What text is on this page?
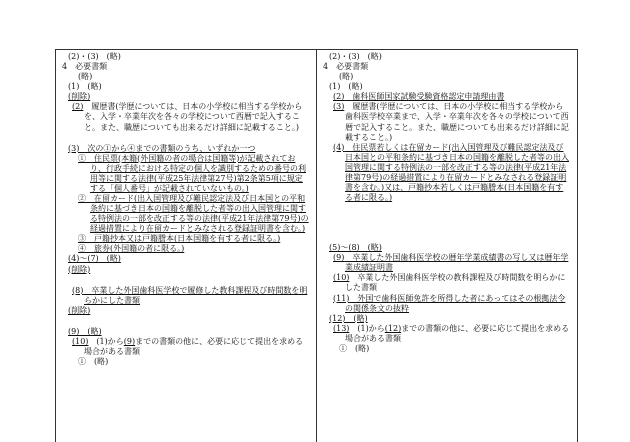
(2)・(3)　(略)

4　必要書類

(略)

(1)　(略)

(削除)

(2)　履歴書(学歴については、日本の小学校に相当する学校からを、入学・卒業年次を各々の学校について西暦で記入すること。また、職歴についても出来るだけ詳細に記載すること。)

(3)　次の①から④までの書類のうち、いずれか一つ

①　住民票(本籍(外国籍の者の場合は国籍等)が記載されており、行政手続における特定の個人を識別するための番号の利用等に関する法律(平成25年法律第27号)第2条第5項に規定する「個人番号」が記載されていないもの。)

②　在留カード(出入国管理及び難民認定法及び日本国との平和条約に基づき日本の国籍を離脱した者等の出入国管理に関する特例法の一部を改正する等の法律(平成21年法律第79号)の経過措置により在留カードとみなされる登録証明書を含む。)

③　戸籍抄本又は戸籍謄本(日本国籍を有する者に限る。)

④　旅券(外国籍の者に限る。)

(4)～(7)　(略)

(削除)

(8)　卒業した外国歯科医学校で履修した教科課程及び時間数を明らかにした書類

(削除)

(9)　(略)

(10)　(1)から(9)までの書類の他に、必要に応じて提出を求める場合がある書類

①　(略)

(2)・(3)　(略)

4　必要書類

(略)

(1)　(略)

(2)　歯科医師国家試験受験資格認定申請理由書

(3)　履歴書(学歴については、日本の小学校に相当する学校から歯科医学校卒業まで、入学・卒業年次を各々の学校について西暦で記入すること。また、職歴についても出来るだけ詳細に記載すること。)

(4)　住民票若しくは在留カード(出入国管理及び難民認定法及び日本国との平和条約に基づき日本の国籍を離脱した者等の出入国管理に関する特例法の一部を改正する等の法律(平成21年法律第79号)の経過措置により在留カードとみなされる登録証明書を含む。)又は、戸籍抄本若しくは戸籍謄本(日本国籍を有する者に限る。)

(5)～(8)　(略)

(9)　卒業した外国歯科医学校の暦年学業成績書の写し又は暦年学業成績証明書

(10)　卒業した外国歯科医学校の教科課程及び時間数を明らかにした書類

(11)　外国で歯科医師免許を所得した者にあってはその根拠法令の関係条文の抜粋

(12)　(略)

(13)　(1)から(12)までの書類の他に、必要に応じて提出を求める場合がある書類

①　(略)
